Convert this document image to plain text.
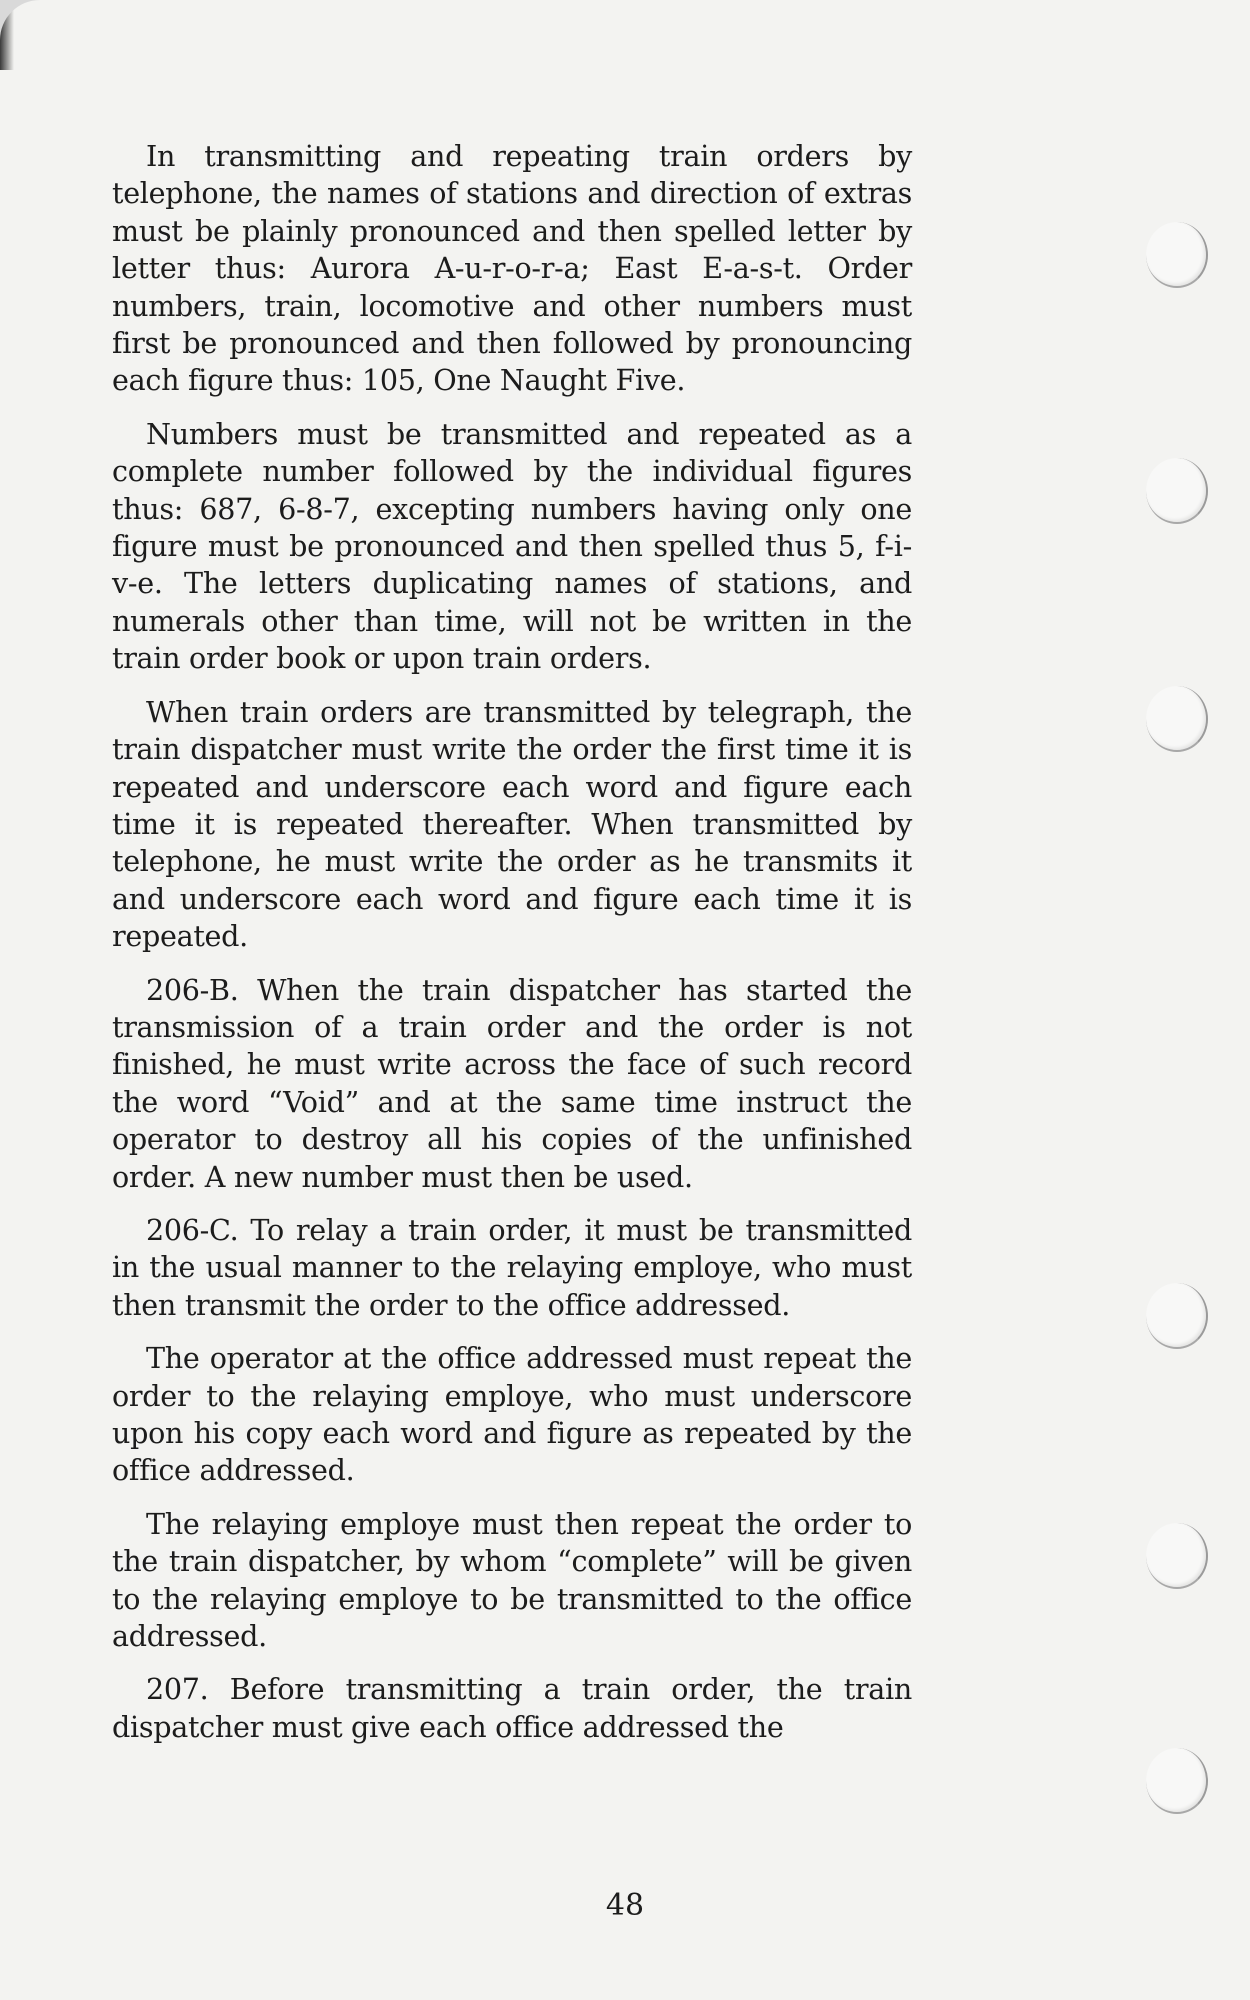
In transmitting and repeating train orders by telephone, the names of stations and direction of extras must be plainly pronounced and then spelled letter by letter thus: Aurora A-u-r-o-r-a; East E-a-s-t. Order numbers, train, locomotive and other numbers must first be pronounced and then followed by pronouncing each figure thus: 105, One Naught Five.

Numbers must be transmitted and repeated as a complete number followed by the individual figures thus: 687, 6-8-7, excepting numbers having only one figure must be pronounced and then spelled thus 5, f-i-v-e. The letters duplicating names of stations, and numerals other than time, will not be written in the train order book or upon train orders.

When train orders are transmitted by telegraph, the train dispatcher must write the order the first time it is repeated and underscore each word and figure each time it is repeated thereafter. When transmitted by telephone, he must write the order as he transmits it and underscore each word and figure each time it is repeated.

206-B. When the train dispatcher has started the transmission of a train order and the order is not finished, he must write across the face of such record the word “Void” and at the same time instruct the operator to destroy all his copies of the unfinished order. A new number must then be used.

206-C. To relay a train order, it must be transmitted in the usual manner to the relaying employe, who must then transmit the order to the office addressed.

The operator at the office addressed must repeat the order to the relaying employe, who must underscore upon his copy each word and figure as repeated by the office addressed.

The relaying employe must then repeat the order to the train dispatcher, by whom “complete” will be given to the relaying employe to be transmitted to the office addressed.

207. Before transmitting a train order, the train dispatcher must give each office addressed the

48
